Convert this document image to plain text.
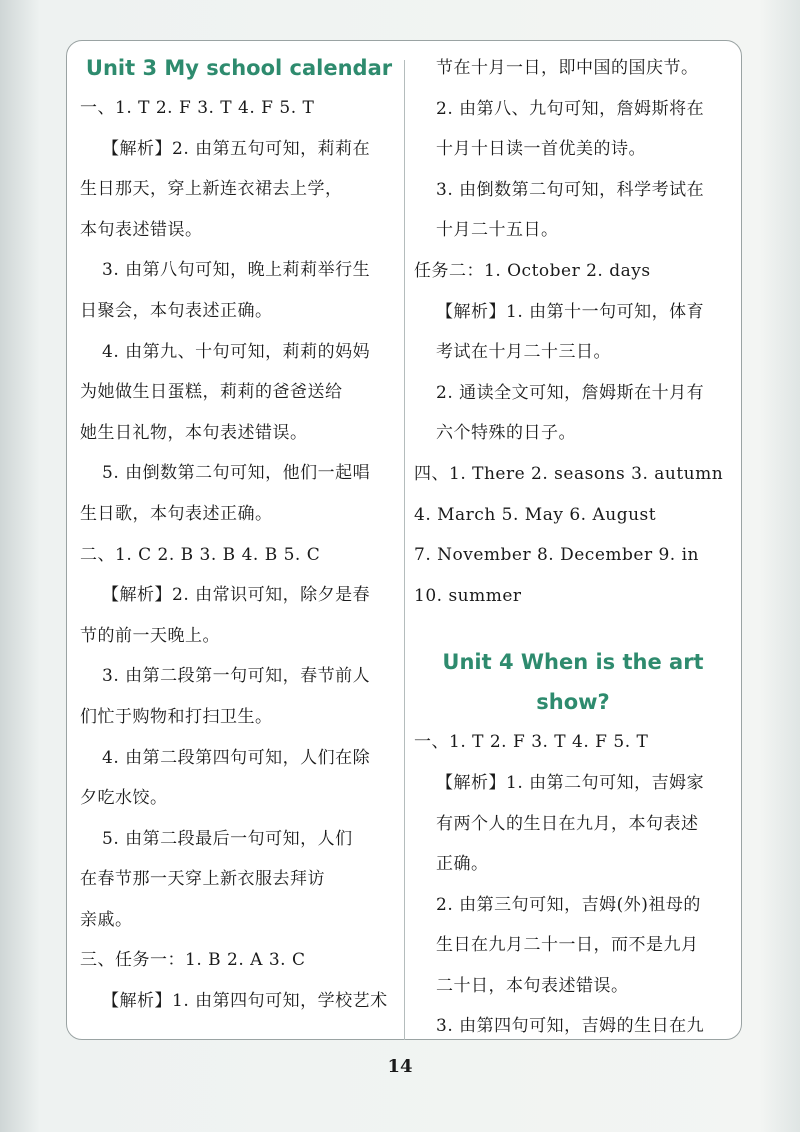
Unit 3 My school calendar
一、1. T 2. F 3. T 4. F 5. T
【解析】2. 由第五句可知，莉莉在
生日那天，穿上新连衣裙去上学，
本句表述错误。
3. 由第八句可知，晚上莉莉举行生
日聚会，本句表述正确。
4. 由第九、十句可知，莉莉的妈妈
为她做生日蛋糕，莉莉的爸爸送给
她生日礼物，本句表述错误。
5. 由倒数第二句可知，他们一起唱
生日歌，本句表述正确。
二、1. C 2. B 3. B 4. B 5. C
【解析】2. 由常识可知，除夕是春
节的前一天晚上。
3. 由第二段第一句可知，春节前人
们忙于购物和打扫卫生。
4. 由第二段第四句可知，人们在除
夕吃水饺。
5. 由第二段最后一句可知，人们
在春节那一天穿上新衣服去拜访
亲戚。
三、任务一：1. B 2. A 3. C
【解析】1. 由第四句可知，学校艺术
节在十月一日，即中国的国庆节。
2. 由第八、九句可知，詹姆斯将在
十月十日读一首优美的诗。
3. 由倒数第二句可知，科学考试在
十月二十五日。
任务二：1. October 2. days
【解析】1. 由第十一句可知，体育
考试在十月二十三日。
2. 通读全文可知，詹姆斯在十月有
六个特殊的日子。
四、1. There 2. seasons 3. autumn
4. March 5. May 6. August
7. November 8. December 9. in
10. summer
Unit 4 When is the art
show?
一、1. T 2. F 3. T 4. F 5. T
【解析】1. 由第二句可知，吉姆家
有两个人的生日在九月，本句表述
正确。
2. 由第三句可知，吉姆(外)祖母的
生日在九月二十一日，而不是九月
二十日，本句表述错误。
3. 由第四句可知，吉姆的生日在九
14
